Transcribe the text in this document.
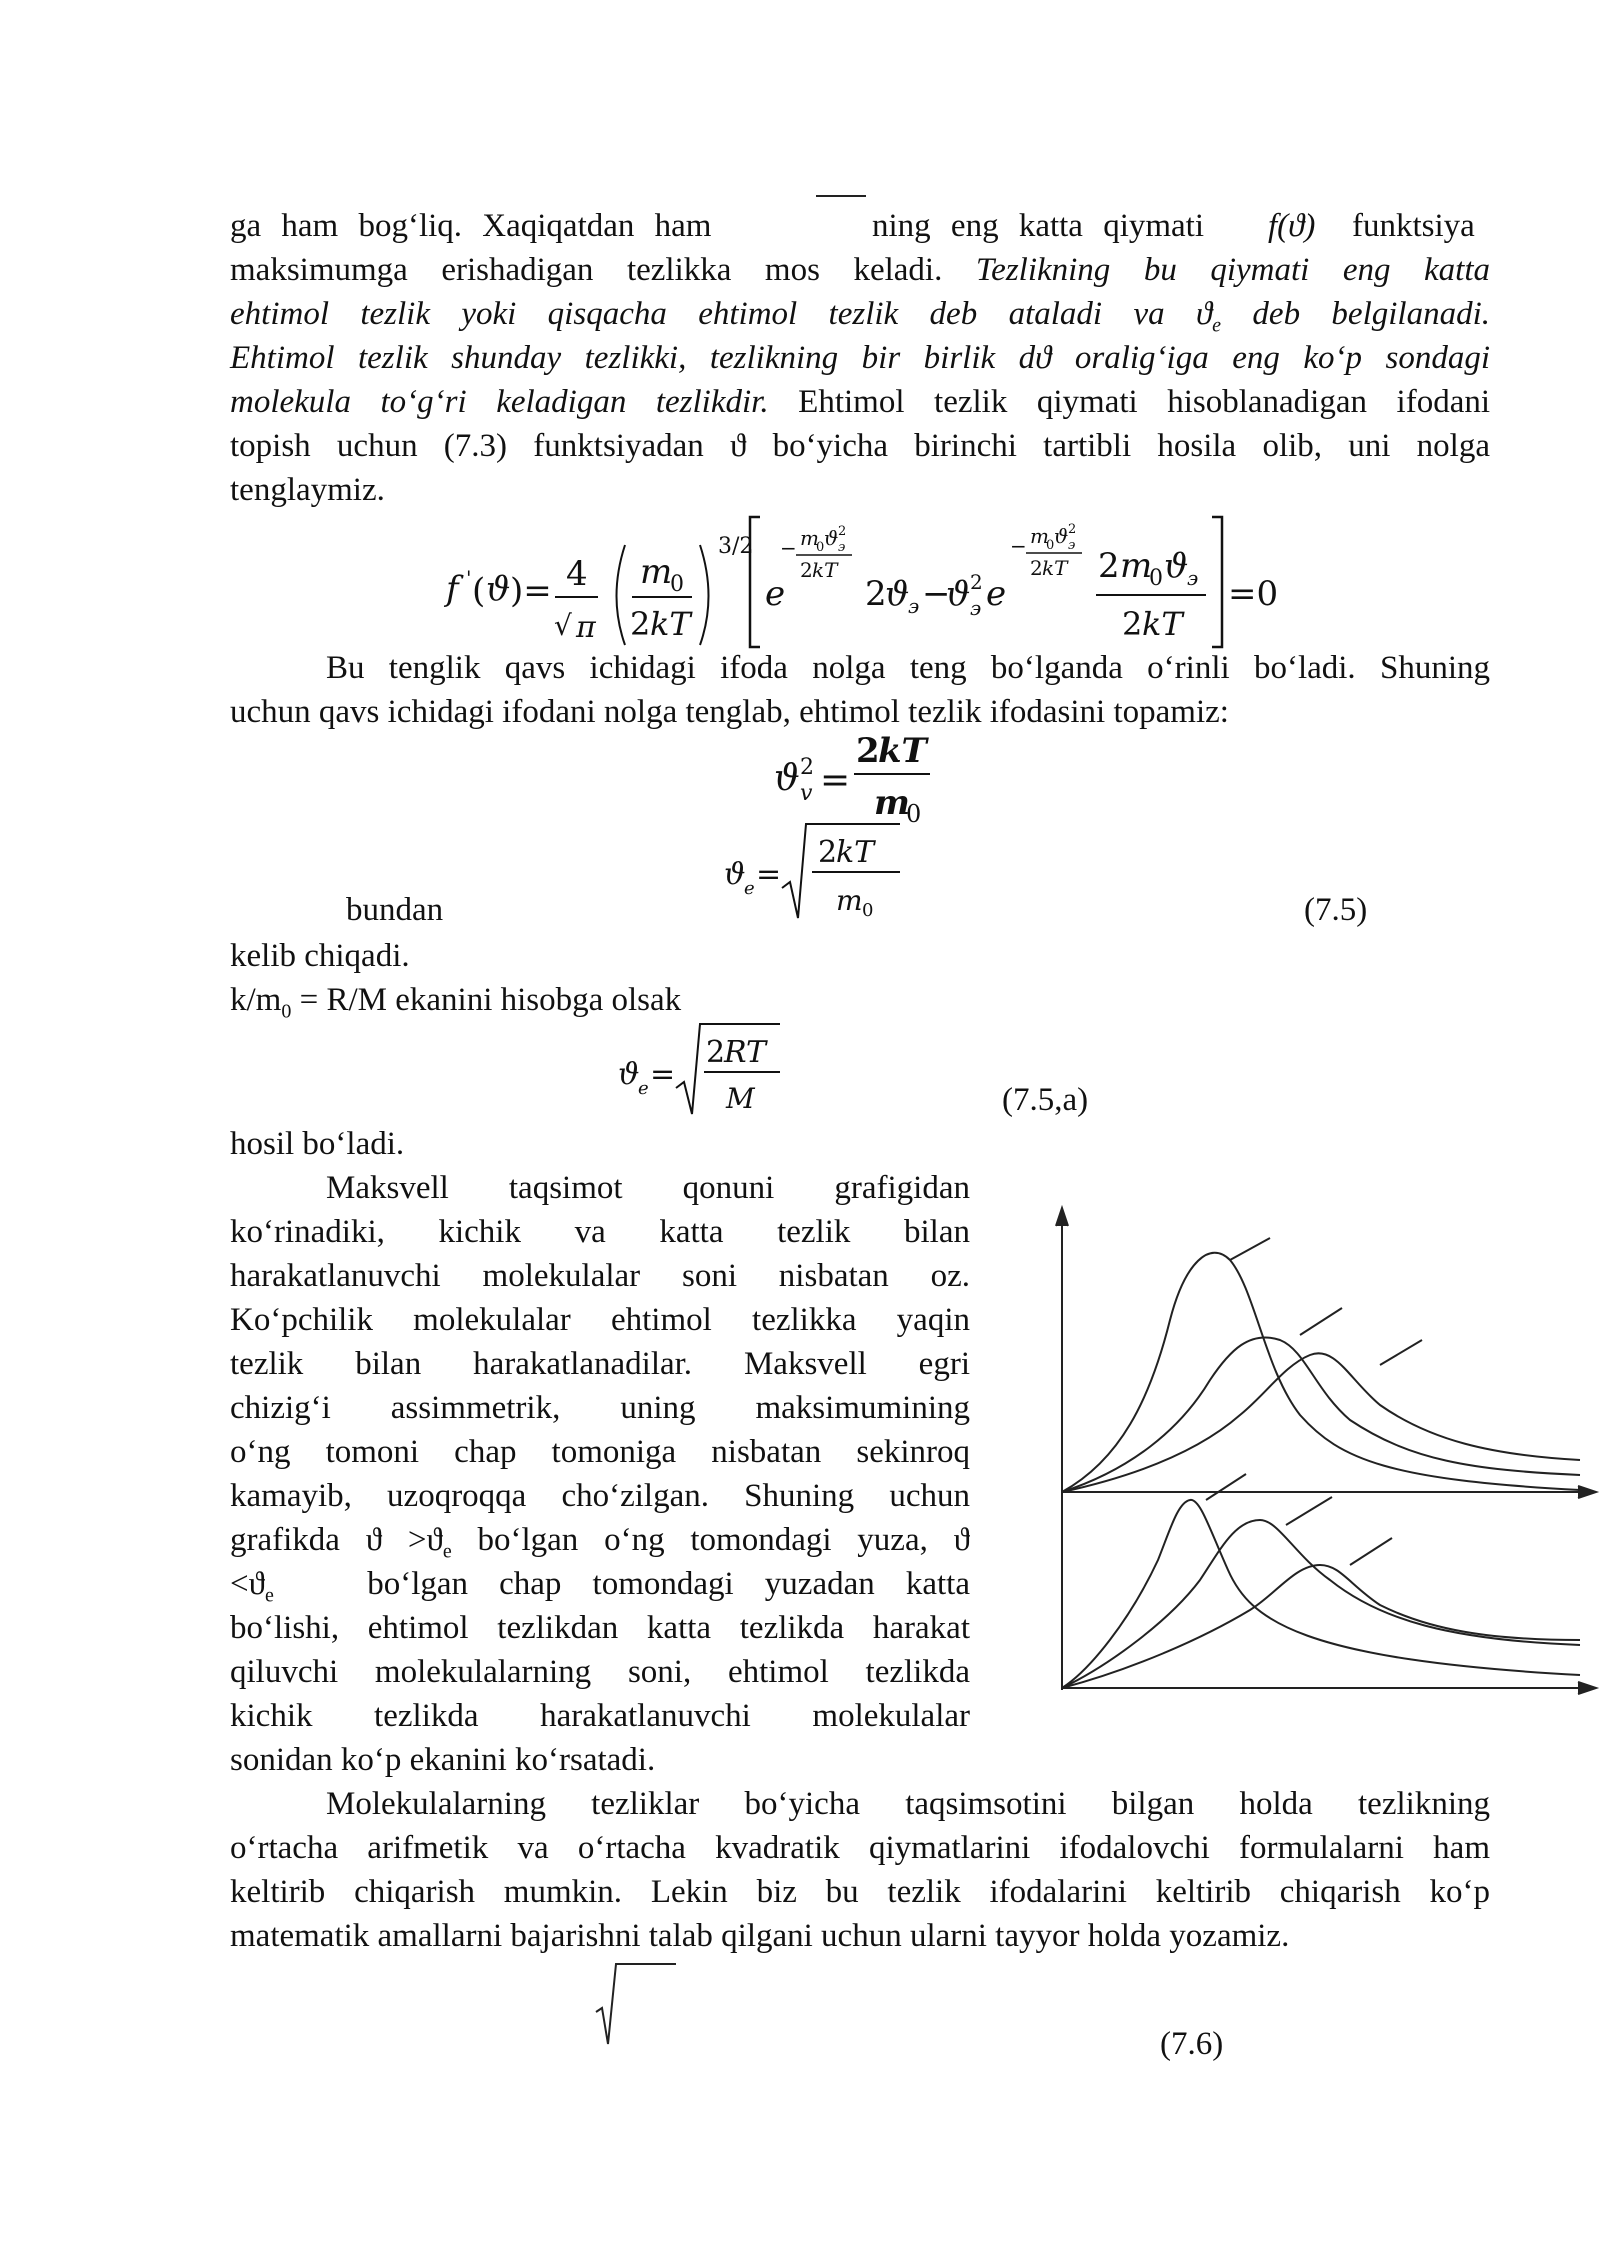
ga ham bog‘liq. Xaqiqatdan ham	ning eng katta qiymati f(ϑ) funktsiya
maksimumga erishadigan tezlikka mos keladi. Tezlikning bu qiymati eng katta
ehtimol tezlik yoki qisqacha ehtimol tezlik deb ataladi va $ϑ_e$ deb belgilanadi.
Ehtimol tezlik shunday tezlikki, tezlikning bir birlik dϑ oralig‘iga eng ko‘p sondagi
molekula to‘g‘ri keladigan tezlikdir. Ehtimol tezlik qiymati hisoblanadigan ifodani
topish uchun (7.3) funktsiyadan ϑ bo‘yicha birinchi tartibli hosila olib, uni nolga
tenglaymiz.
f ' ( ϑ )= 4
√ π
m
0
2 kT
3/2
e
− m
0 ϑ 2
э
2 kT
2
ϑ
э −
ϑ 2
э e
− m
0 ϑ 2
э
2 kT 2 m
0 ϑ
э
2 kT
=0
Bu tenglik qavs ichidagi ifoda nolga teng bo‘lganda o‘rinli bo‘ladi. Shuning
uchun qavs ichidagi ifodani nolga tenglab, ehtimol tezlik ifodasini topamiz:
ϑ 2
v =
2
kT
m
0
ϑ
e =
2
kT
m 0
bundan	(7.5)
kelib chiqadi.
$k/m_0 = R/M$ ekanini hisobga olsak
ϑ
e =
2
RT
M	(7.5,a)
hosil bo‘ladi.
Maksvell taqsimot qonuni grafigidan
ko‘rinadiki, kichik va katta tezlik bilan
harakatlanuvchi molekulalar soni nisbatan oz.
Ko‘pchilik molekulalar ehtimol tezlikka yaqin
tezlik bilan harakatlanadilar. Maksvell egri
chizig‘i assimmetrik, uning maksimumining
o‘ng tomoni chap tomoniga nisbatan sekinroq
kamayib, uzoqroqqa cho‘zilgan. Shuning uchun
grafikda $ϑ >ϑ_e$ bo‘lgan o‘ng tomondagi yuza, ϑ
$<ϑ_e$	bo‘lgan chap tomondagi yuzadan katta
bo‘lishi, ehtimol tezlikdan katta tezlikda harakat
qiluvchi molekulalarning soni, ehtimol tezlikda
kichik tezlikda harakatlanuvchi molekulalar
sonidan ko‘p ekanini ko‘rsatadi.
Molekulalarning tezliklar bo‘yicha taqsimsotini bilgan holda tezlikning
o‘rtacha arifmetik va o‘rtacha kvadratik qiymatlarini ifodalovchi formulalarni ham
keltirib chiqarish mumkin. Lekin biz bu tezlik ifodalarini keltirib chiqarish ko‘p
matematik amallarni bajarishni talab qilgani uchun ularni tayyor holda yozamiz.
(7.6)
